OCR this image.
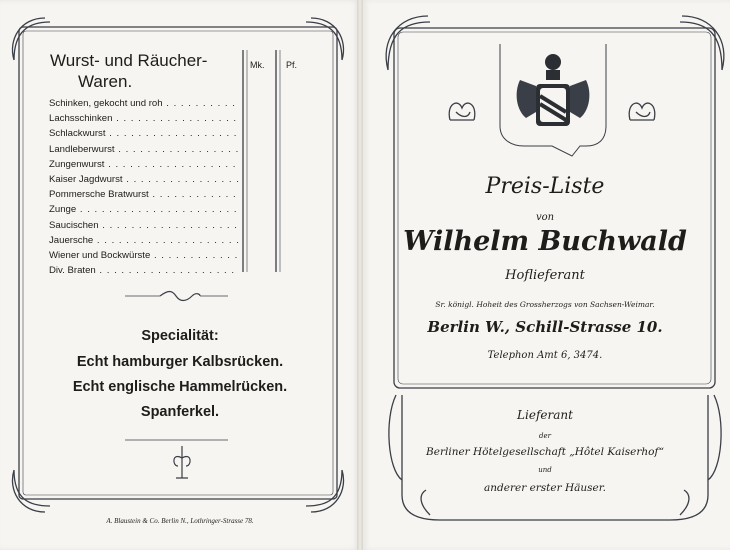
Wurst- und Räucher-
Waren.
Mk. Pf.
Schinken, gekocht und roh . . .
Lachsschinken . . .
Schlackwurst . . .
Landleberwurst . . .
Zungenwurst . . .
Kaiser Jagdwurst . . .
Pommersche Bratwurst . . .
Zunge . . .
Saucischen . . .
Jauersche . . .
Wiener und Bockwürste . . .
Div. Braten . . .
Specialität:
Echt hamburger Kalbsrücken.
Echt englische Hammelrücken.
Spanferkel.
A. Blaustein & Co. Berlin N., Lothringer-Strasse 78.
Preis-Liste
von
Wilhelm Buchwald
Hoflieferant
Sr. königl. Hoheit des Grossherzogs von Sachsen-Weimar.
Berlin W., Schill-Strasse 10.
Telephon Amt 6, 3474.
Lieferant
der
Berliner Hötelgesellschaft „Hôtel Kaiserhof“
und
anderer erster Häuser.
